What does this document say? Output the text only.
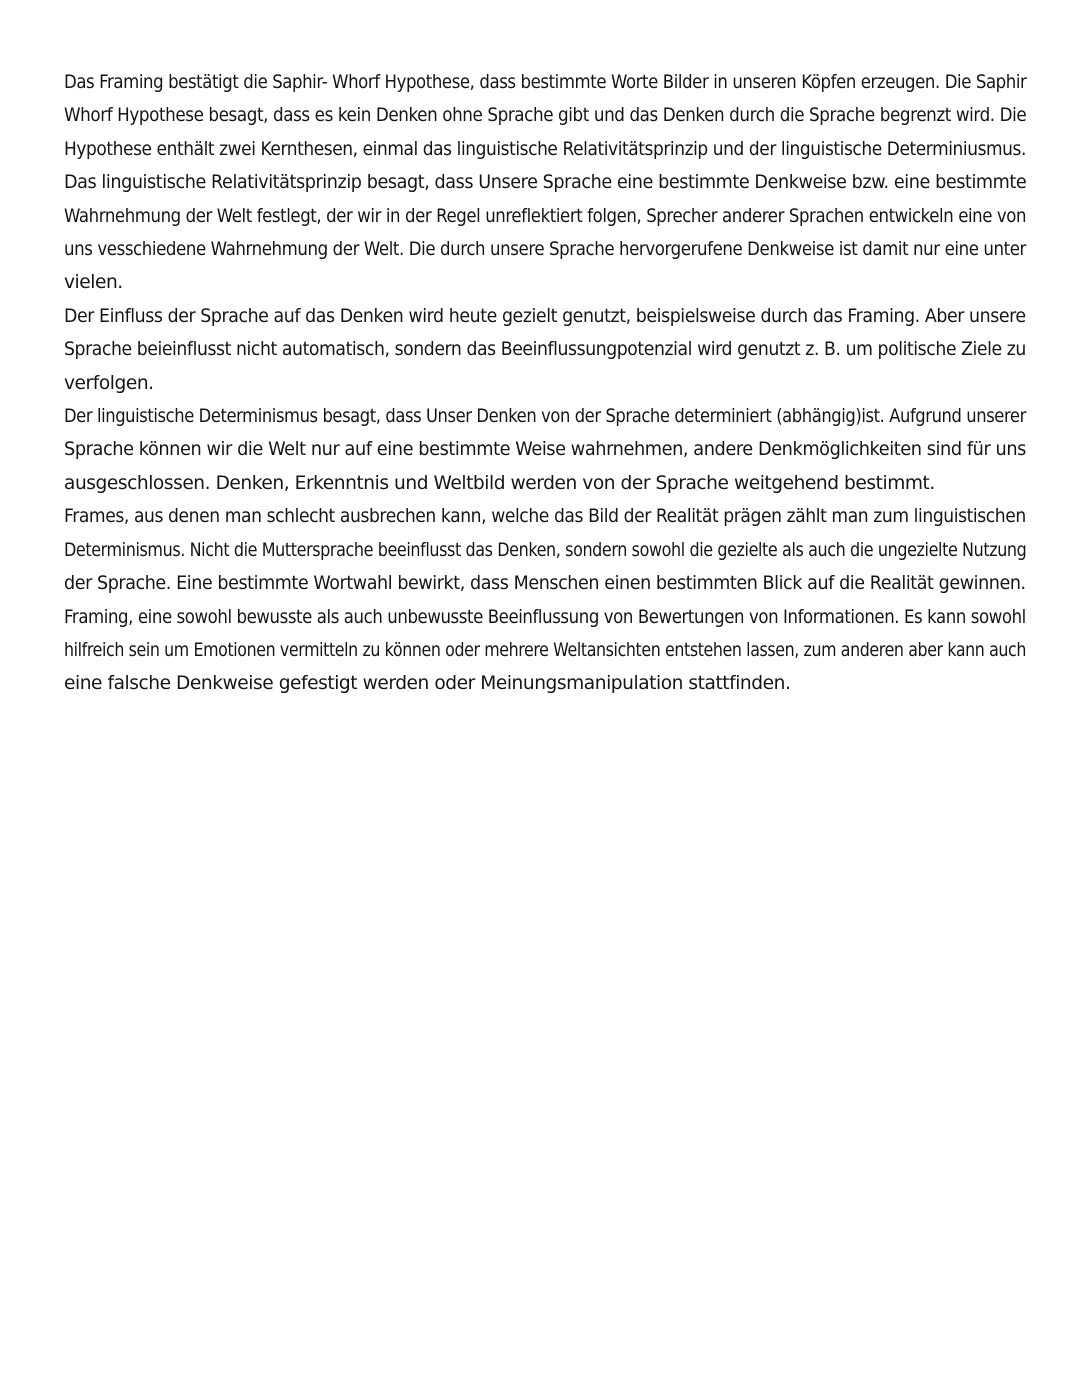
Das Framing bestätigt die Saphir- Whorf Hypothese, dass bestimmte Worte Bilder in unseren Köpfen erzeugen. Die Saphir
Whorf Hypothese besagt, dass es kein Denken ohne Sprache gibt und das Denken durch die Sprache begrenzt wird. Die
Hypothese enthält zwei Kernthesen, einmal das linguistische Relativitätsprinzip und der linguistische Determiniusmus.

Das linguistische Relativitätsprinzip besagt, dass Unsere Sprache eine bestimmte Denkweise bzw. eine bestimmte
Wahrnehmung der Welt festlegt, der wir in der Regel unreflektiert folgen, Sprecher anderer Sprachen entwickeln eine von
uns vesschiedene Wahrnehmung der Welt. Die durch unsere Sprache hervorgerufene Denkweise ist damit nur eine unter
vielen.

Der Einfluss der Sprache auf das Denken wird heute gezielt genutzt, beispielsweise durch das Framing. Aber unsere
Sprache beieinflusst nicht automatisch, sondern das Beeinflussungpotenzial wird genutzt z. B. um politische Ziele zu
verfolgen.

Der linguistische Determinismus besagt, dass Unser Denken von der Sprache determiniert (abhängig)ist. Aufgrund unserer
Sprache können wir die Welt nur auf eine bestimmte Weise wahrnehmen, andere Denkmöglichkeiten sind für uns
ausgeschlossen. Denken, Erkenntnis und Weltbild werden von der Sprache weitgehend bestimmt.

Frames, aus denen man schlecht ausbrechen kann, welche das Bild der Realität prägen zählt man zum linguistischen
Determinismus. Nicht die Muttersprache beeinflusst das Denken, sondern sowohl die gezielte als auch die ungezielte Nutzung
der Sprache. Eine bestimmte Wortwahl bewirkt, dass Menschen einen bestimmten Blick auf die Realität gewinnen.

Framing, eine sowohl bewusste als auch unbewusste Beeinflussung von Bewertungen von Informationen. Es kann sowohl
hilfreich sein um Emotionen vermitteln zu können oder mehrere Weltansichten entstehen lassen, zum anderen aber kann auch
eine falsche Denkweise gefestigt werden oder Meinungsmanipulation stattfinden.
